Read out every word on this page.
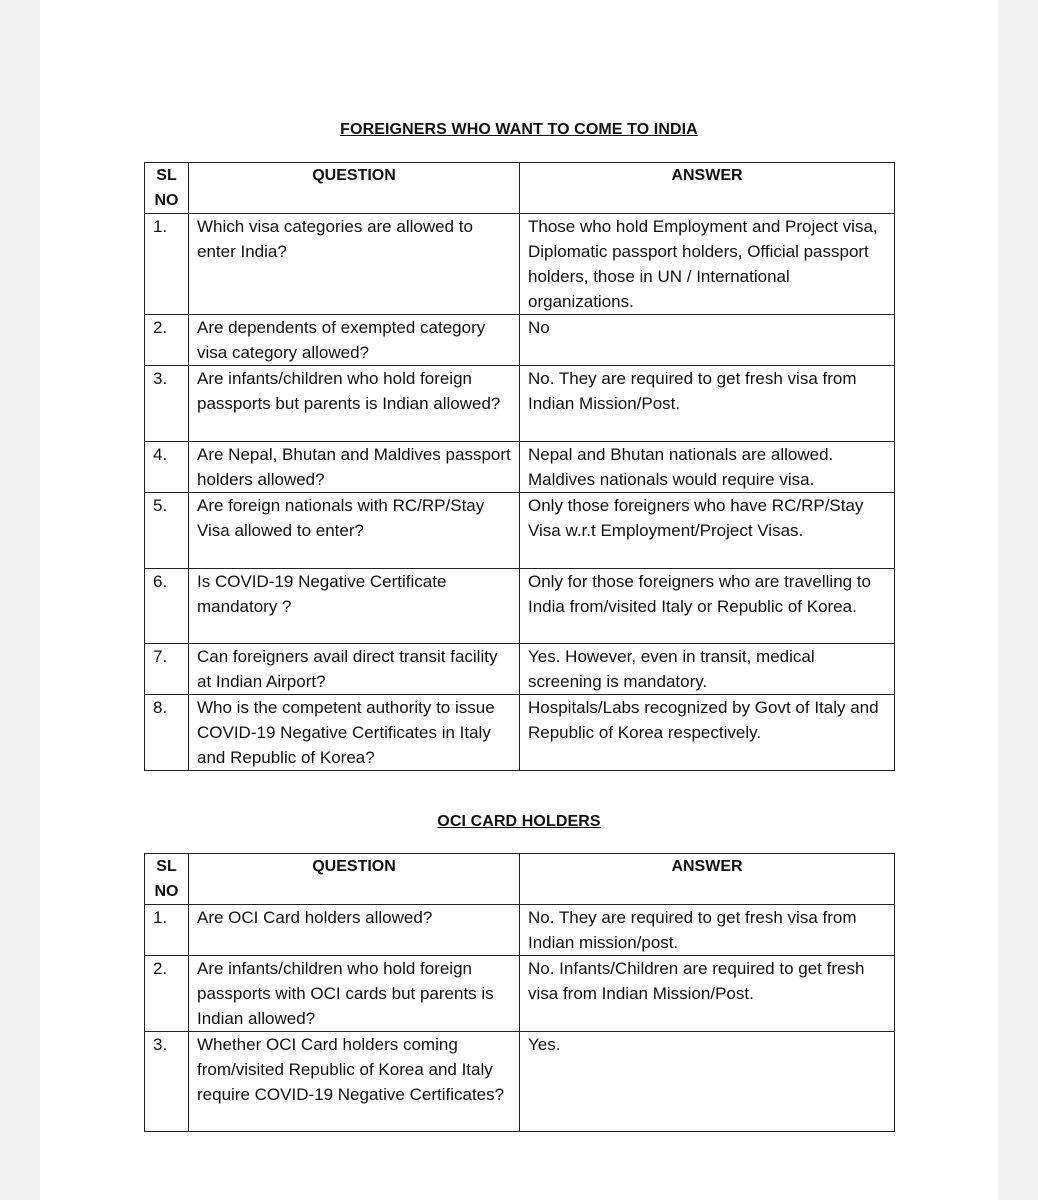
FOREIGNERS WHO WANT TO COME TO INDIA
SL NO	QUESTION	ANSWER
1.	Which visa categories are allowed to enter India?	Those who hold Employment and Project visa, Diplomatic passport holders, Official passport holders, those in UN / International organizations.
2.	Are dependents of exempted category visa category allowed?	No
3.	Are infants/children who hold foreign passports but parents is Indian allowed?	No. They are required to get fresh visa from Indian Mission/Post.
4.	Are Nepal, Bhutan and Maldives passport holders allowed?	Nepal and Bhutan nationals are allowed. Maldives nationals would require visa.
5.	Are foreign nationals with RC/RP/Stay Visa allowed to enter?	Only those foreigners who have RC/RP/Stay Visa w.r.t Employment/Project Visas.
6.	Is COVID-19 Negative Certificate mandatory ?	Only for those foreigners who are travelling to India from/visited Italy or Republic of Korea.
7.	Can foreigners avail direct transit facility at Indian Airport?	Yes. However, even in transit, medical screening is mandatory.
8.	Who is the competent authority to issue COVID-19 Negative Certificates in Italy and Republic of Korea?	Hospitals/Labs recognized by Govt of Italy and Republic of Korea respectively.
OCI CARD HOLDERS
SL NO	QUESTION	ANSWER
1.	Are OCI Card holders allowed?	No. They are required to get fresh visa from Indian mission/post.
2.	Are infants/children who hold foreign passports with OCI cards but parents is Indian allowed?	No. Infants/Children are required to get fresh visa from Indian Mission/Post.
3.	Whether OCI Card holders coming from/visited Republic of Korea and Italy require COVID-19 Negative Certificates?	Yes.
